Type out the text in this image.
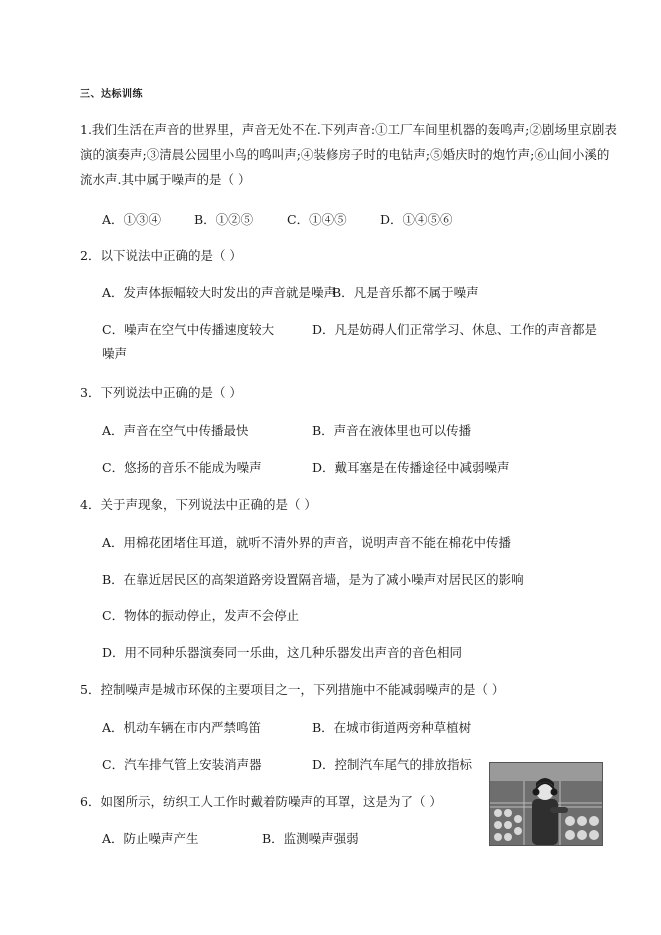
三、达标训练
1.我们生活在声音的世界里，声音无处不在.下列声音:①工厂车间里机器的轰鸣声;②剧场里京剧表
演的演奏声;③清晨公园里小鸟的鸣叫声;④装修房子时的电钻声;⑤婚庆时的炮竹声;⑥山间小溪的
流水声.其中属于噪声的是（ ）
A．①③④	B．①②⑤	C．①④⑤	D．①④⑤⑥
2．以下说法中正确的是（ ）
A．发声体振幅较大时发出的声音就是噪声
B．凡是音乐都不属于噪声
C．噪声在空气中传播速度较大	D．凡是妨碍人们正常学习、休息、工作的声音都是
噪声
3．下列说法中正确的是（ ）
A．声音在空气中传播最快	B．声音在液体里也可以传播
C．悠扬的音乐不能成为噪声	D．戴耳塞是在传播途径中减弱噪声
4．关于声现象，下列说法中正确的是（ ）
A．用棉花团堵住耳道，就听不清外界的声音，说明声音不能在棉花中传播
B．在靠近居民区的高架道路旁设置隔音墙，是为了减小噪声对居民区的影响
C．物体的振动停止，发声不会停止
D．用不同种乐器演奏同一乐曲，这几种乐器发出声音的音色相同
5．控制噪声是城市环保的主要项目之一，下列措施中不能减弱噪声的是（ ）
A．机动车辆在市内严禁鸣笛	B．在城市街道两旁种草植树
C．汽车排气管上安装消声器	D．控制汽车尾气的排放指标
6．如图所示，纺织工人工作时戴着防噪声的耳罩，这是为了（ ）
A．防止噪声产生	B．监测噪声强弱
